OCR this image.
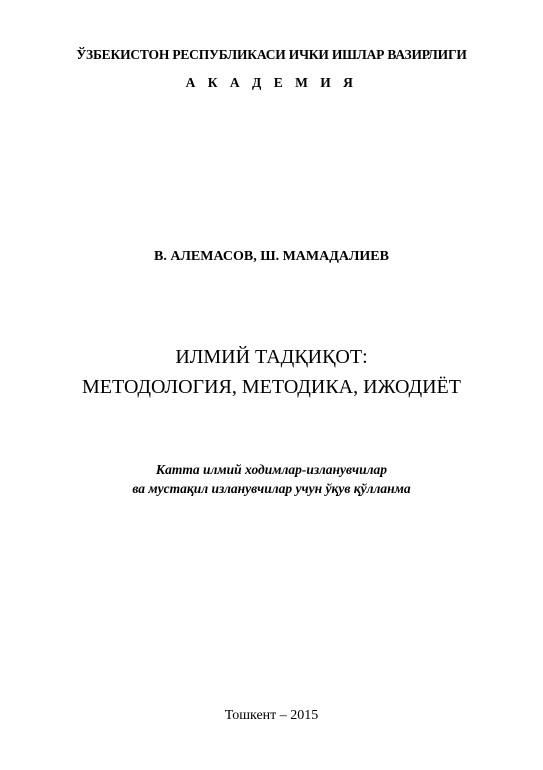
ЎЗБЕКИСТОН РЕСПУБЛИКАСИ ИЧКИ ИШЛАР ВАЗИРЛИГИ
А К А Д Е М И Я
В. АЛЕМАСОВ, Ш. МАМАДАЛИЕВ
ИЛМИЙ ТАДҚИҚОТ:
МЕТОДОЛОГИЯ, МЕТОДИКА, ИЖОДИЁТ
Катта илмий ходимлар-изланувчилар
ва мустақил изланувчилар учун ўқув қўлланма
Тошкент – 2015
